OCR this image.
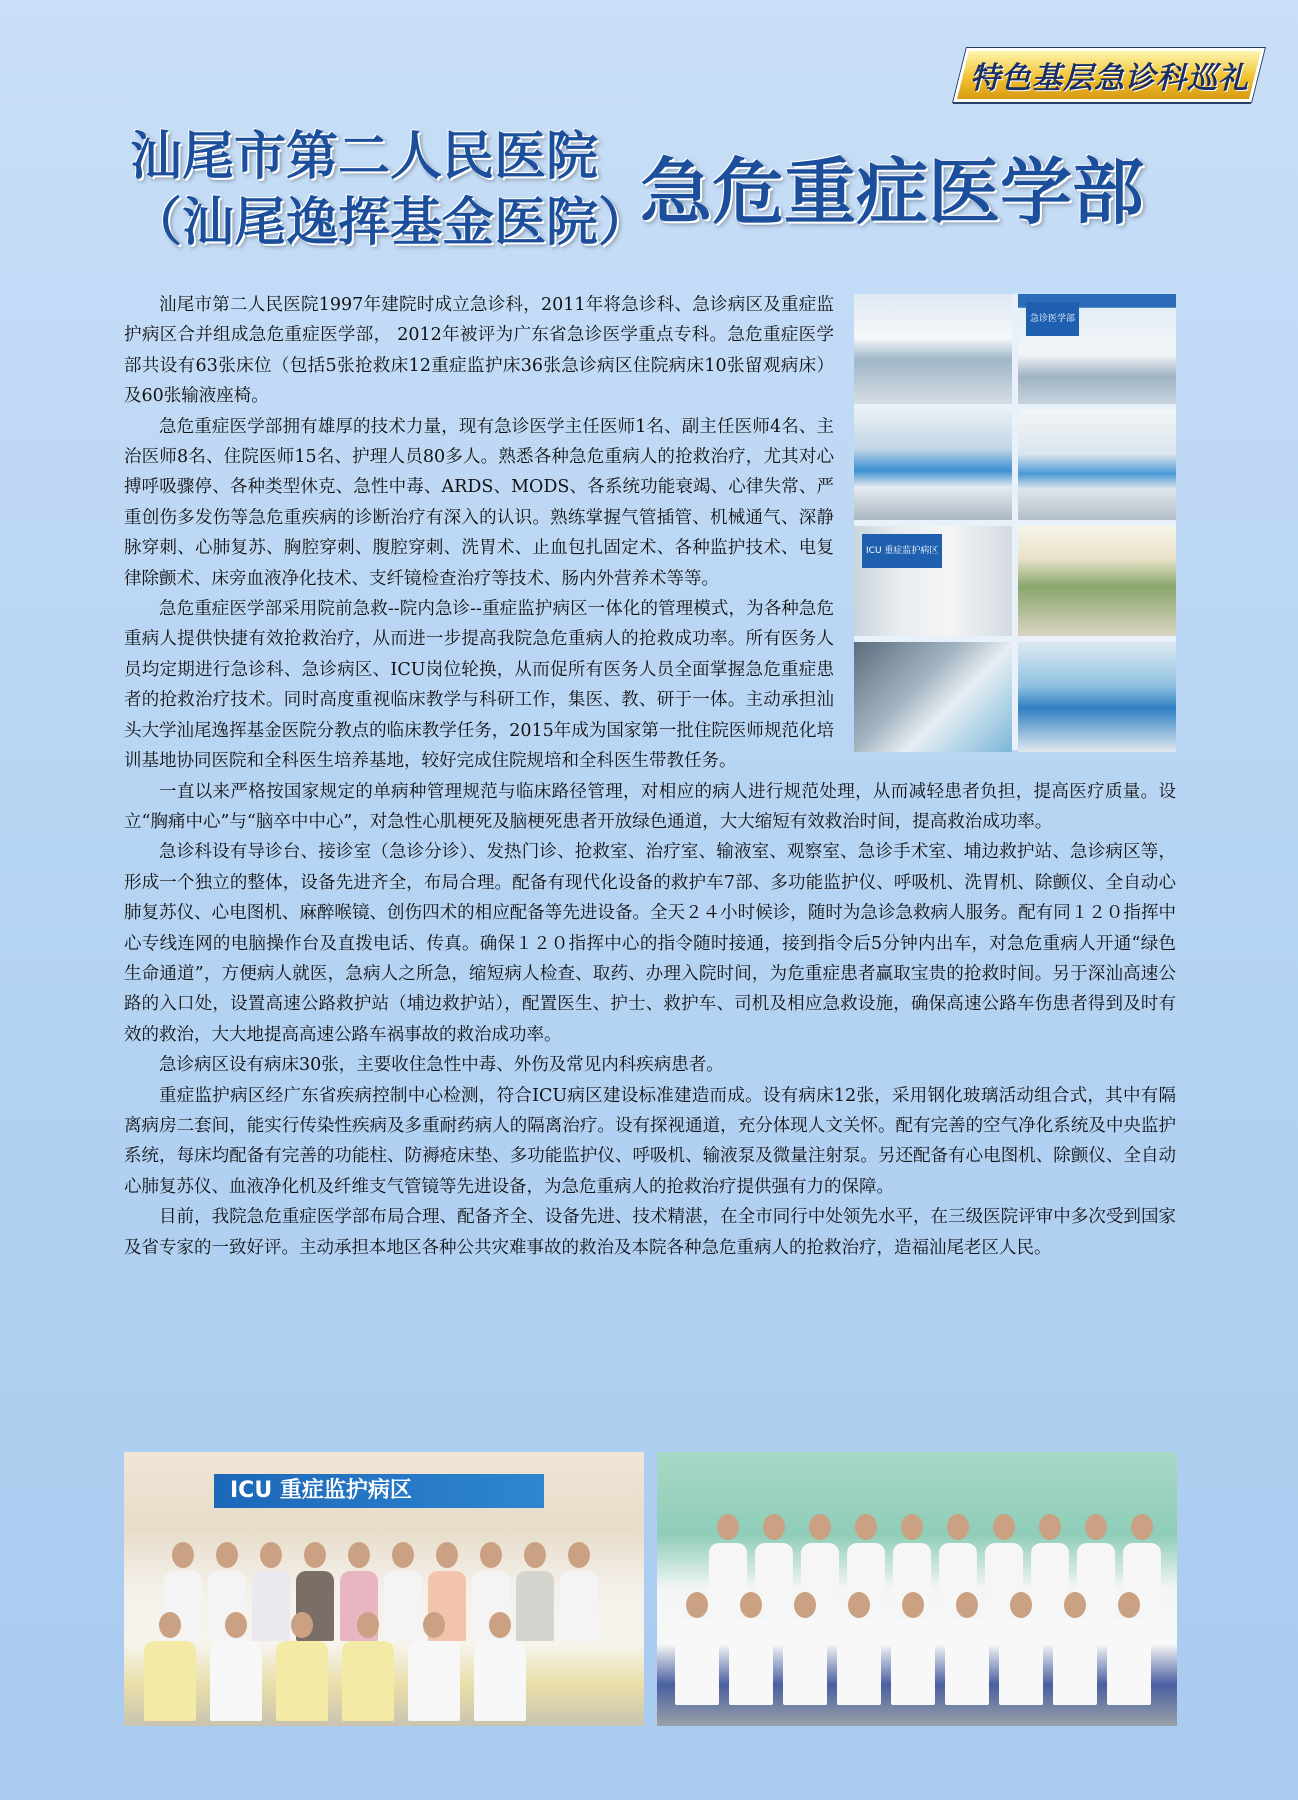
特色基层急诊科巡礼
汕尾市第二人民医院
（汕尾逸挥基金医院）
急危重症医学部
急诊医学部
ICU 重症监护病区

汕尾市第二人民医院1997年建院时成立急诊科，2011年将急诊科、急诊病区及重症监护病区合并组成急危重症医学部， 2012年被评为广东省急诊医学重点专科。急危重症医学部共设有63张床位（包括5张抢救床12重症监护床36张急诊病区住院病床10张留观病床）及60张输液座椅。

急危重症医学部拥有雄厚的技术力量，现有急诊医学主任医师1名、副主任医师4名、主治医师8名、住院医师15名、护理人员80多人。熟悉各种急危重病人的抢救治疗，尤其对心搏呼吸骤停、各种类型休克、急性中毒、ARDS、MODS、各系统功能衰竭、心律失常、严重创伤多发伤等急危重疾病的诊断治疗有深入的认识。熟练掌握气管插管、机械通气、深静脉穿刺、心肺复苏、胸腔穿刺、腹腔穿刺、洗胃术、止血包扎固定术、各种监护技术、电复律除颤术、床旁血液净化技术、支纤镜检查治疗等技术、肠内外营养术等等。

急危重症医学部采用院前急救--院内急诊--重症监护病区一体化的管理模式，为各种急危重病人提供快捷有效抢救治疗，从而进一步提高我院急危重病人的抢救成功率。所有医务人员均定期进行急诊科、急诊病区、ICU岗位轮换，从而促所有医务人员全面掌握急危重症患者的抢救治疗技术。同时高度重视临床教学与科研工作，集医、教、研于一体。主动承担汕头大学汕尾逸挥基金医院分教点的临床教学任务，2015年成为国家第一批住院医师规范化培训基地协同医院和全科医生培养基地，较好完成住院规培和全科医生带教任务。

一直以来严格按国家规定的单病种管理规范与临床路径管理，对相应的病人进行规范处理，从而减轻患者负担，提高医疗质量。设立“胸痛中心”与“脑卒中中心”，对急性心肌梗死及脑梗死患者开放绿色通道，大大缩短有效救治时间，提高救治成功率。

急诊科设有导诊台、接诊室（急诊分诊）、发热门诊、抢救室、治疗室、输液室、观察室、急诊手术室、埔边救护站、急诊病区等，形成一个独立的整体，设备先进齐全，布局合理。配备有现代化设备的救护车7部、多功能监护仪、呼吸机、洗胃机、除颤仪、全自动心肺复苏仪、心电图机、麻醉喉镜、创伤四术的相应配备等先进设备。全天２４小时候诊，随时为急诊急救病人服务。配有同１２０指挥中心专线连网的电脑操作台及直拨电话、传真。确保１２０指挥中心的指令随时接通，接到指令后5分钟内出车，对急危重病人开通“绿色生命通道”，方便病人就医，急病人之所急，缩短病人检查、取药、办理入院时间，为危重症患者赢取宝贵的抢救时间。另于深汕高速公路的入口处，设置高速公路救护站（埔边救护站），配置医生、护士、救护车、司机及相应急救设施，确保高速公路车伤患者得到及时有效的救治，大大地提高高速公路车祸事故的救治成功率。

急诊病区设有病床30张，主要收住急性中毒、外伤及常见内科疾病患者。

重症监护病区经广东省疾病控制中心检测，符合ICU病区建设标准建造而成。设有病床12张，采用钢化玻璃活动组合式，其中有隔离病房二套间，能实行传染性疾病及多重耐药病人的隔离治疗。设有探视通道，充分体现人文关怀。配有完善的空气净化系统及中央监护系统，每床均配备有完善的功能柱、防褥疮床垫、多功能监护仪、呼吸机、输液泵及微量注射泵。另还配备有心电图机、除颤仪、全自动心肺复苏仪、血液净化机及纤维支气管镜等先进设备，为急危重病人的抢救治疗提供强有力的保障。

目前，我院急危重症医学部布局合理、配备齐全、设备先进、技术精湛，在全市同行中处领先水平，在三级医院评审中多次受到国家及省专家的一致好评。主动承担本地区各种公共灾难事故的救治及本院各种急危重病人的抢救治疗，造福汕尾老区人民。

ICU 重症监护病区
